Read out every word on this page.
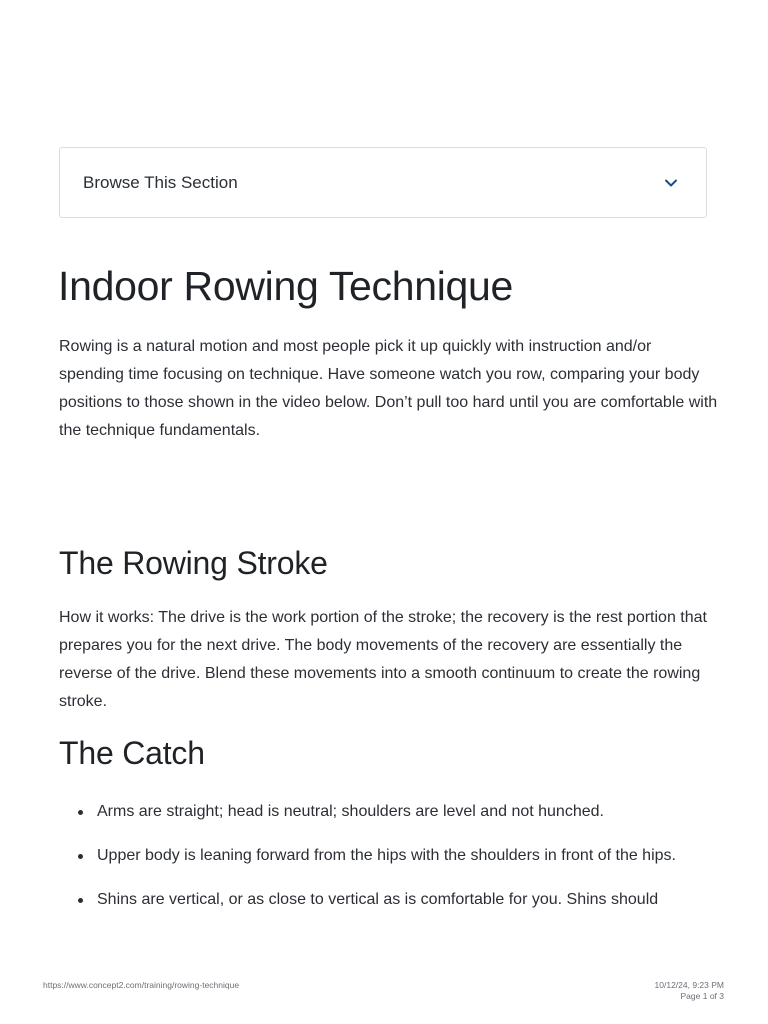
Browse This Section
Indoor Rowing Technique

Rowing is a natural motion and most people pick it up quickly with instruction and/or spending time focusing on technique. Have someone watch you row, comparing your body positions to those shown in the video below. Don’t pull too hard until you are comfortable with the technique fundamentals.

The Rowing Stroke

How it works: The drive is the work portion of the stroke; the recovery is the rest portion that prepares you for the next drive. The body movements of the recovery are essentially the reverse of the drive. Blend these movements into a smooth continuum to create the rowing stroke.

The Catch
Arms are straight; head is neutral; shoulders are level and not hunched.
Upper body is leaning forward from the hips with the shoulders in front of the hips.
Shins are vertical, or as close to vertical as is comfortable for you. Shins should
https://www.concept2.com/training/rowing-technique	10/12/24, 9:23 PM
Page 1 of 3
